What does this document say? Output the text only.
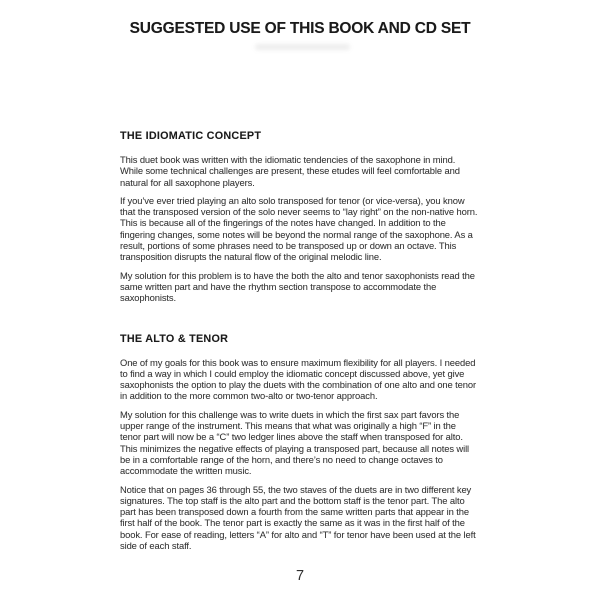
SUGGESTED USE OF THIS BOOK AND CD SET
THE IDIOMATIC CONCEPT
This duet book was written with the idiomatic tendencies of the saxophone in mind.
While some technical challenges are present, these etudes will feel comfortable and
natural for all saxophone players.
If you’ve ever tried playing an alto solo transposed for tenor (or vice-versa), you know
that the transposed version of the solo never seems to “lay right” on the non-native horn.
This is because all of the fingerings of the notes have changed. In addition to the
fingering changes, some notes will be beyond the normal range of the saxophone. As a
result, portions of some phrases need to be transposed up or down an octave. This
transposition disrupts the natural flow of the original melodic line.
My solution for this problem is to have the both the alto and tenor saxophonists read the
same written part and have the rhythm section transpose to accommodate the
saxophonists.
THE ALTO & TENOR
One of my goals for this book was to ensure maximum flexibility for all players. I needed
to find a way in which I could employ the idiomatic concept discussed above, yet give
saxophonists the option to play the duets with the combination of one alto and one tenor
in addition to the more common two-alto or two-tenor approach.
My solution for this challenge was to write duets in which the first sax part favors the
upper range of the instrument. This means that what was originally a high “F” in the
tenor part will now be a “C” two ledger lines above the staff when transposed for alto.
This minimizes the negative effects of playing a transposed part, because all notes will
be in a comfortable range of the horn, and there’s no need to change octaves to
accommodate the written music.
Notice that on pages 36 through 55, the two staves of the duets are in two different key
signatures. The top staff is the alto part and the bottom staff is the tenor part. The alto
part has been transposed down a fourth from the same written parts that appear in the
first half of the book. The tenor part is exactly the same as it was in the first half of the
book. For ease of reading, letters “A” for alto and “T” for tenor have been used at the left
side of each staff.
7
